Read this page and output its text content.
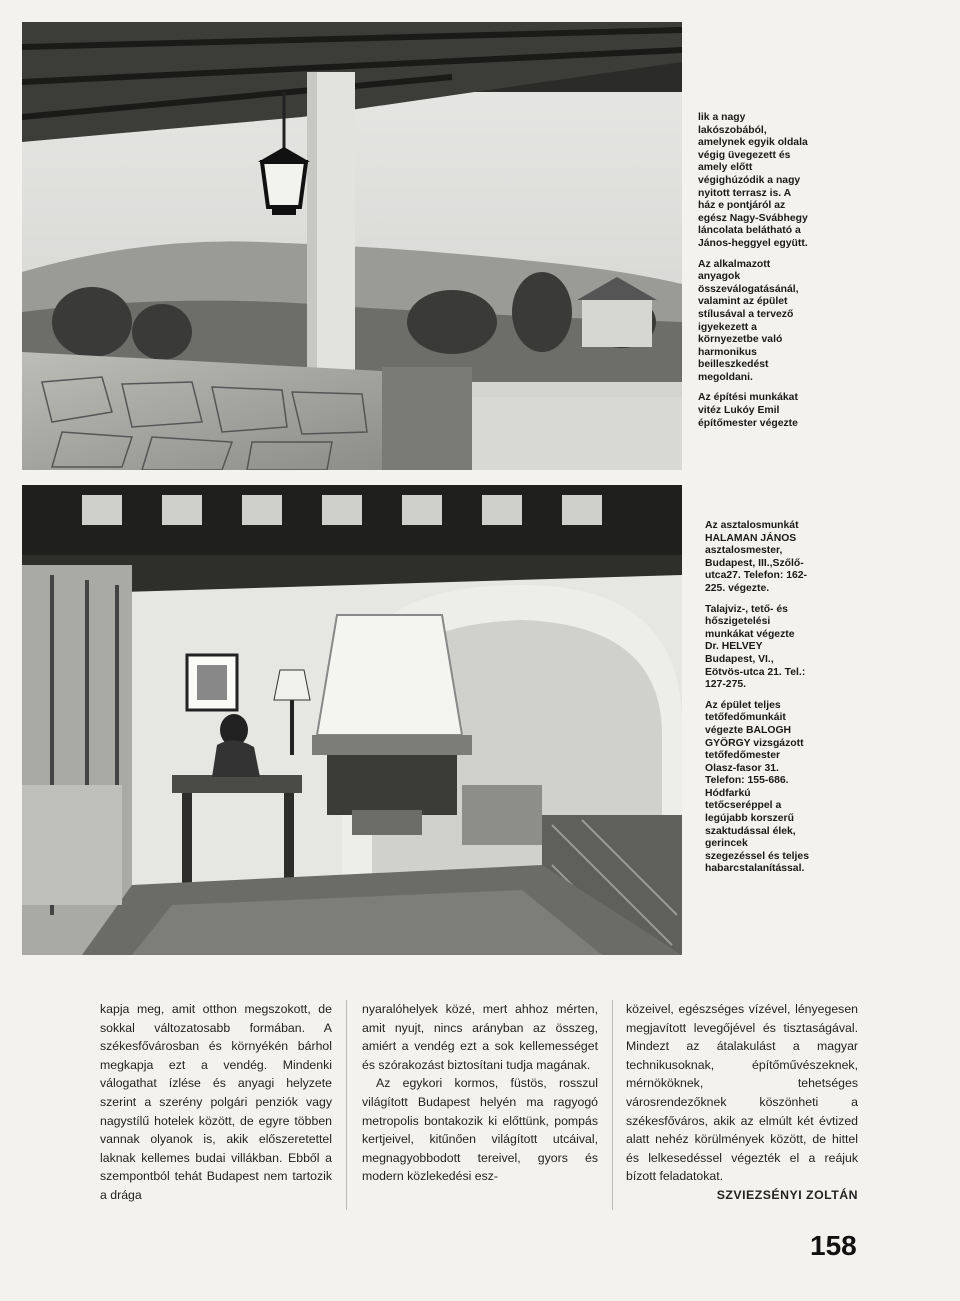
lik a nagy lakószobából, amelynek egyik oldala végig üvegezett és amely előtt végighúzódik a nagy nyitott terrasz is. A ház e pontjáról az egész Nagy-Svábhegy láncolata belátható a János-heggyel együtt.

Az alkalmazott anyagok összeválogatásánál, valamint az épület stílusával a tervező igyekezett a környezetbe való harmonikus beilleszkedést megoldani.

Az építési munkákat vitéz Lukóy Emil építőmester végezte

Az asztalosmunkát HALAMAN JÁNOS asztalosmester, Budapest, III.,Szőlő-utca27. Telefon: 162-225. végezte.

Talajviz-, tető- és hőszigetelési munkákat végezte Dr. HELVEY Budapest, VI., Eötvös-utca 21. Tel.: 127-275.

Az épület teljes tetőfedőmunkáit végezte BALOGH GYÖRGY vizsgázott tetőfedőmester Olasz-fasor 31. Telefon: 155-686. Hódfarkú tetőcseréppel a legújabb korszerű szaktudással élek, gerincek szegezéssel és teljes habarcstalanítással.

kapja meg, amit otthon megszokott, de sokkal változatosabb formában. A székesfővárosban és környékén bárhol megkapja ezt a vendég. Mindenki válogathat ízlése és anyagi helyzete szerint a szerény polgári penziók vagy nagystílű hotelek között, de egyre többen vannak olyanok is, akik előszeretettel laknak kellemes budai villákban. Ebből a szempontból tehát Budapest nem tartozik a drága

nyaralóhelyek közé, mert ahhoz mérten, amit nyujt, nincs arányban az összeg, amiért a vendég ezt a sok kellemességet és szórakozást biztosítani tudja magának.

Az egykori kormos, füstös, rosszul világított Budapest helyén ma ragyogó metropolis bontakozik ki előttünk, pompás kertjeivel, kitűnően világított utcáival, megnagyobbodott tereivel, gyors és modern közlekedési esz-

közeivel, egészséges vízével, lényegesen megjavított levegőjével és tisztaságával. Mindezt az átalakulást a magyar technikusoknak, építőművészeknek, mérnököknek, tehetséges városrendezőknek köszönheti a székesfőváros, akik az elmúlt két évtized alatt nehéz körülmények között, de hittel és lelkesedéssel végezték el a reájuk bízott feladatokat.

SZVIEZSÉNYI ZOLTÁN

158
